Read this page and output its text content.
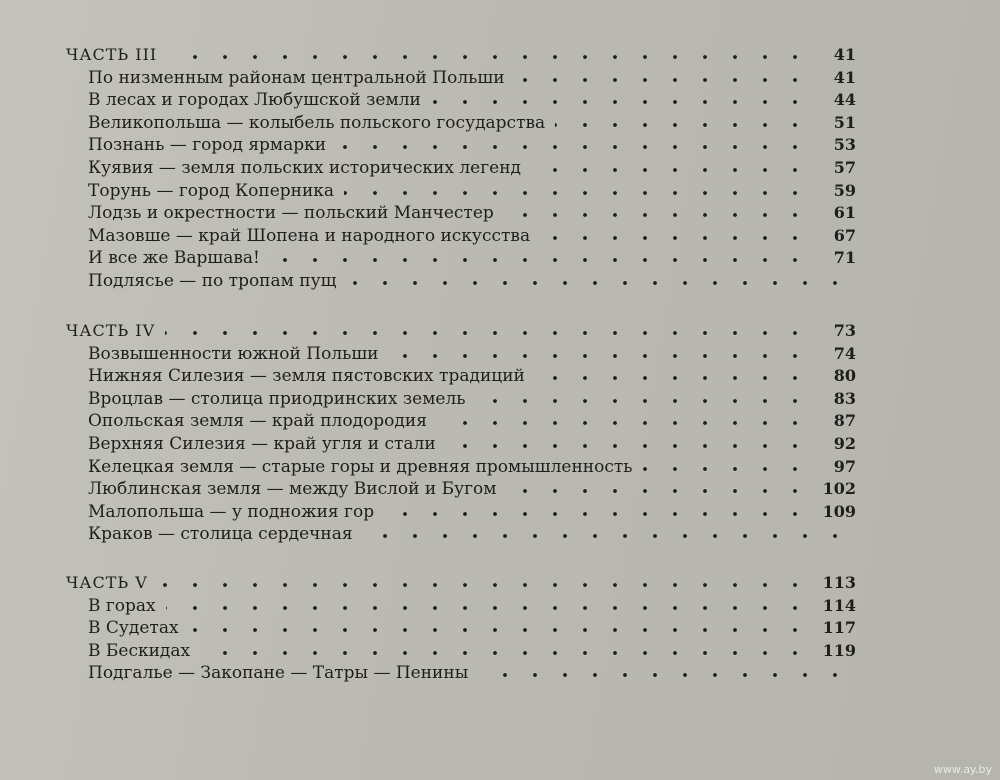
ЧАСТЬ III	41
По низменным районам центральной Польши	41
В лесах и городах Любушской земли	44
Великопольша — колыбель польского государства	51
Познань — город ярмарки	53
Куявия — земля польских исторических легенд	57
Торунь — город Коперника	59
Лодзь и окрестности — польский Манчестер	61
Мазовше — край Шопена и народного искусства	67
И все же Варшава!	71
Подлясье — по тропам пущ
ЧАСТЬ IV	73
Возвышенности южной Польши	74
Нижняя Силезия — земля пястовских традиций	80
Вроцлав — столица приодринских земель	83
Опольская земля — край плодородия	87
Верхняя Силезия — край угля и стали	92
Келецкая земля — старые горы и древняя промышленность	97
Люблинская земля — между Вислой и Бугом	102
Малопольша — у подножия гор	109
Краков — столица сердечная
ЧАСТЬ V	113
В горах	114
В Судетах	117
В Бескидах	119
Подгалье — Закопане — Татры — Пенины
www.ay.by
